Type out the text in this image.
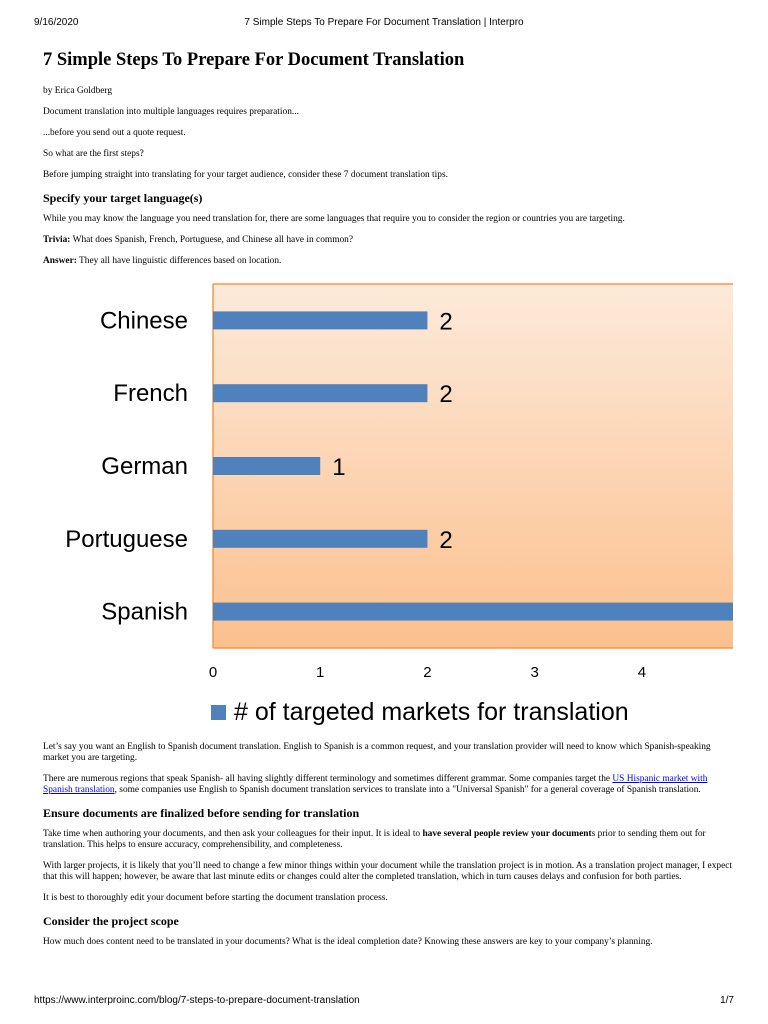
9/16/2020	7 Simple Steps To Prepare For Document Translation | Interpro
7 Simple Steps To Prepare For Document Translation

by Erica Goldberg

Document translation into multiple languages requires preparation...

...before you send out a quote request.

So what are the first steps?

Before jumping straight into translating for your target audience, consider these 7 document translation tips.

Specify your target language(s)

While you may know the language you need translation for, there are some languages that require you to consider the region or countries you are targeting.

Trivia: What does Spanish, French, Portuguese, and Chinese all have in common?

Answer: They all have linguistic differences based on location.

Chinese	2
French	2
German	1
Portuguese	2
Spanish
0	1	2	3	4
# of targeted markets for translation

Let’s say you want an English to Spanish document translation. English to Spanish is a common request, and your translation provider will need to know which Spanish-speaking market you are targeting.

There are numerous regions that speak Spanish- all having slightly different terminology and sometimes different grammar. Some companies target the US Hispanic market with Spanish translation, some companies use English to Spanish document translation services to translate into a "Universal Spanish" for a general coverage of Spanish translation.

Ensure documents are finalized before sending for translation

Take time when authoring your documents, and then ask your colleagues for their input. It is ideal to have several people review your documents prior to sending them out for translation. This helps to ensure accuracy, comprehensibility, and completeness.

With larger projects, it is likely that you’ll need to change a few minor things within your document while the translation project is in motion. As a translation project manager, I expect that this will happen; however, be aware that last minute edits or changes could alter the completed translation, which in turn causes delays and confusion for both parties.

It is best to thoroughly edit your document before starting the document translation process.

Consider the project scope

How much does content need to be translated in your documents? What is the ideal completion date? Knowing these answers are key to your company’s planning.

https://www.interproinc.com/blog/7-steps-to-prepare-document-translation	1/7
